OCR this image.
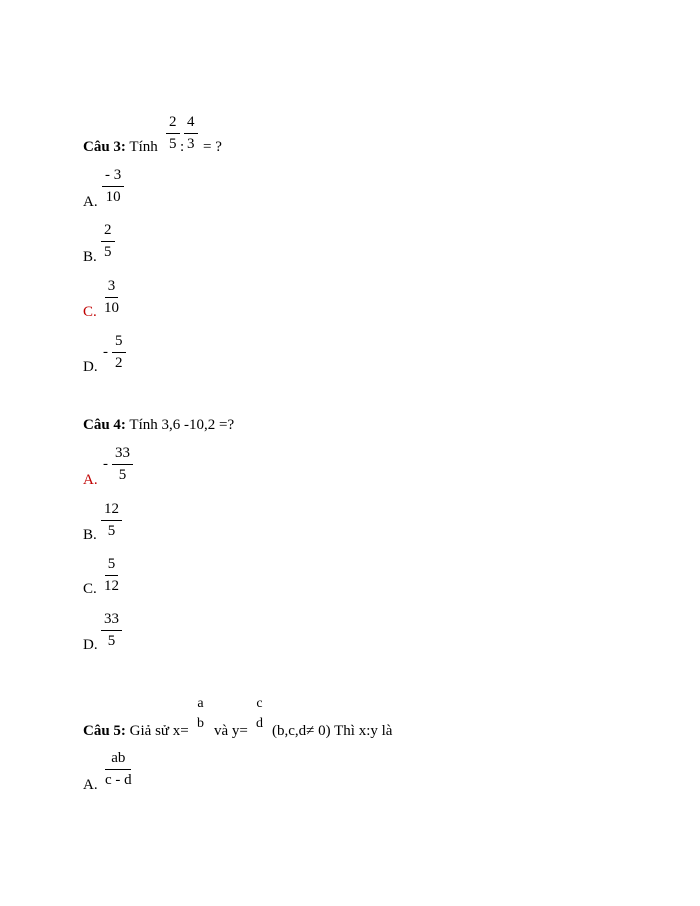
Câu 3: Tính $\frac{2}{5}$ : $\frac{4}{3}$ = ?
A. $\frac{- 3}{10}$
B. $\frac{2}{5}$
C. $\frac{3}{10}$
D.
- $\frac{5}{2}$
Câu 4: Tính 3,6 -10,2 =?
A.
- $\frac{33}{5}$
B. $\frac{12}{5}$
C. $\frac{5}{12}$
D. $\frac{33}{5}$
Câu 5: Giả sử x=
a
b và y=
c
d (b,c,d≠ 0) Thì x:y là
A. $\frac{ab}{c - d}$
